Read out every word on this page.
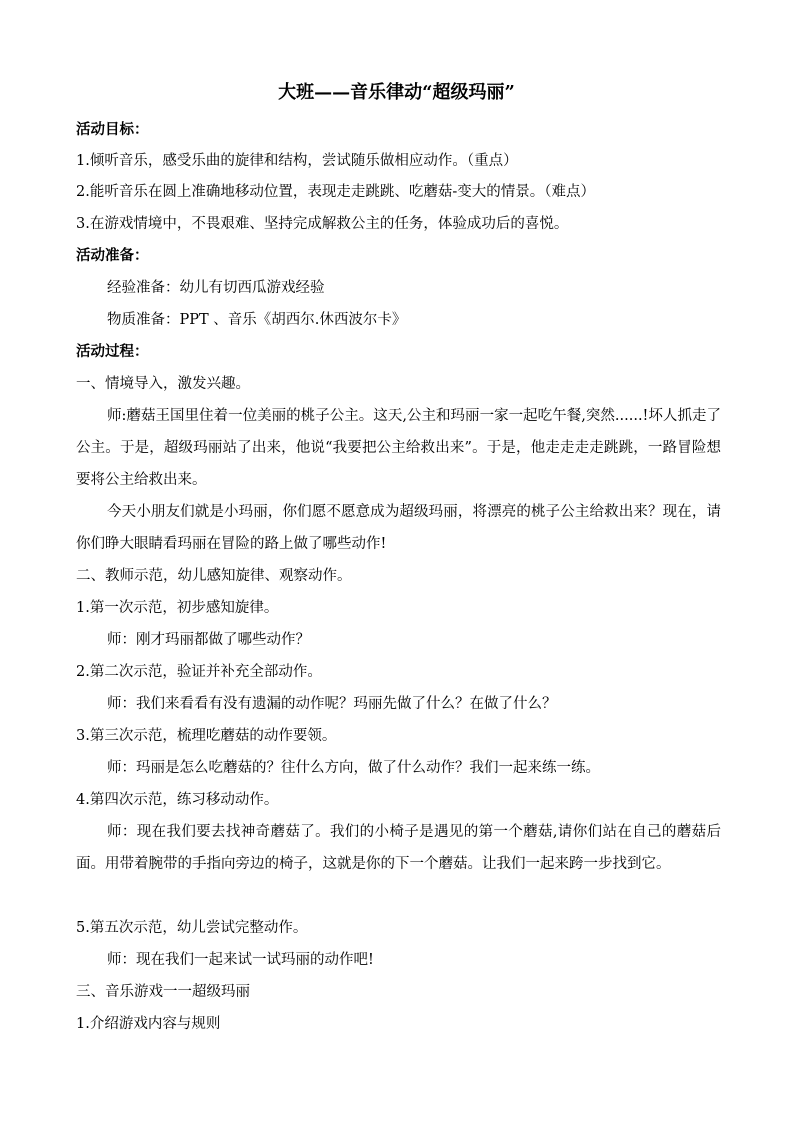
大班——音乐律动“超级玛丽”
活动目标：
1.倾听音乐，感受乐曲的旋律和结构，尝试随乐做相应动作。（重点）
2.能听音乐在圆上准确地移动位置，表现走走跳跳、吃蘑菇-变大的情景。（难点）
3.在游戏情境中，不畏艰难、坚持完成解救公主的任务，体验成功后的喜悦。
活动准备：
经验准备：幼儿有切西瓜游戏经验
物质准备：PPT 、音乐《胡西尔.休西波尔卡》
活动过程：
一、情境导入，激发兴趣。
师:蘑菇王国里住着一位美丽的桃子公主。这天,公主和玛丽一家一起吃午餐,突然......!坏人抓走了公主。于是，超级玛丽站了出来，他说“我要把公主给救出来”。于是，他走走走走跳跳，一路冒险想要将公主给救出来。
今天小朋友们就是小玛丽，你们愿不愿意成为超级玛丽，将漂亮的桃子公主给救出来？现在，请你们睁大眼睛看玛丽在冒险的路上做了哪些动作!
二、教师示范，幼儿感知旋律、观察动作。
1.第一次示范，初步感知旋律。
师：刚才玛丽都做了哪些动作？
2.第二次示范，验证并补充全部动作。
师：我们来看看有没有遗漏的动作呢？玛丽先做了什么？在做了什么？
3.第三次示范，梳理吃蘑菇的动作要领。
师：玛丽是怎么吃蘑菇的？往什么方向，做了什么动作？我们一起来练一练。
4.第四次示范，练习移动动作。
师：现在我们要去找神奇蘑菇了。我们的小椅子是遇见的第一个蘑菇,请你们站在自己的蘑菇后面。用带着腕带的手指向旁边的椅子，这就是你的下一个蘑菇。让我们一起来跨一步找到它。
5.第五次示范，幼儿尝试完整动作。
师：现在我们一起来试一试玛丽的动作吧!
三、音乐游戏一一超级玛丽
1.介绍游戏内容与规则
